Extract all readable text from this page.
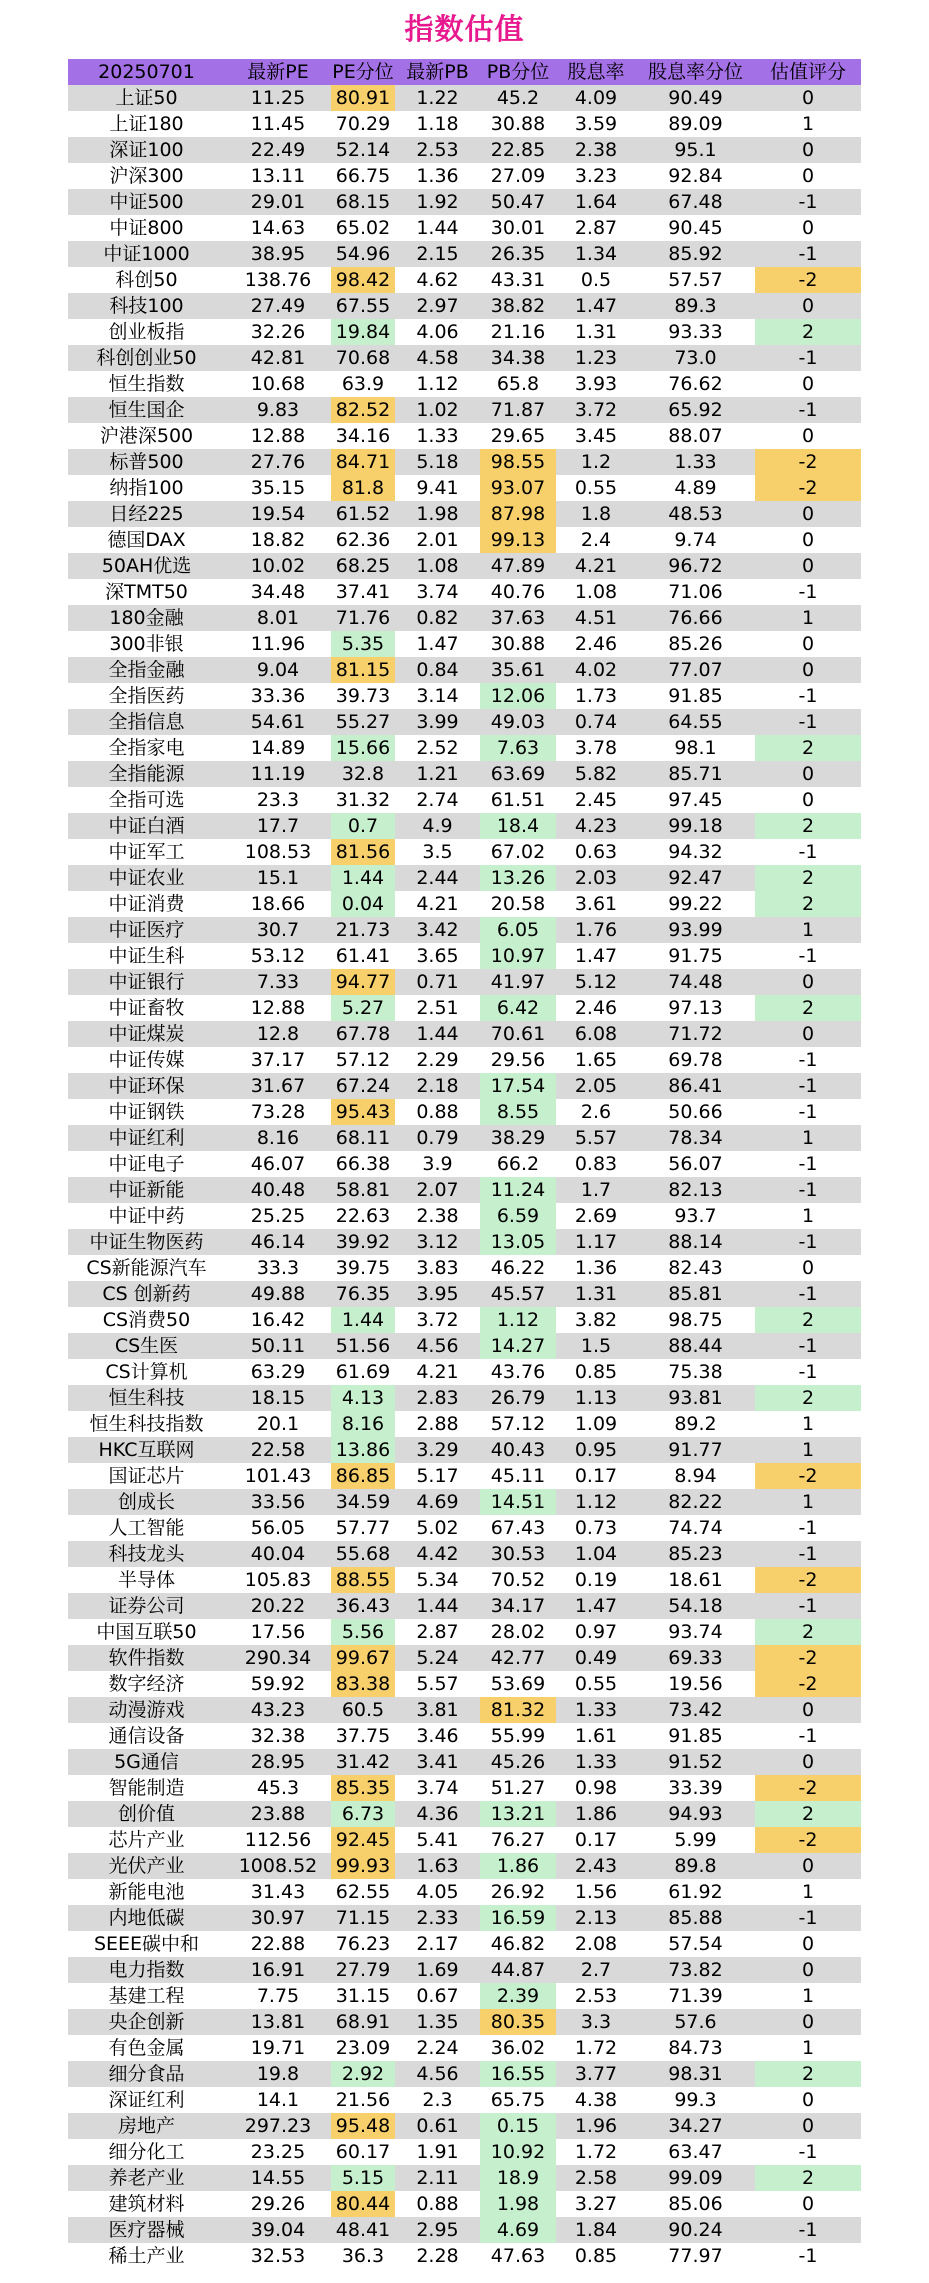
指数估值
20250701	最新PE	PE分位 最新PB PB分位 股息率	股息率分位	估值评分
上证50	11.25	80.91	1.22	45.2	4.09	90.49	0
上证180	11.45	70.29	1.18	30.88	3.59	89.09	1
深证100	22.49	52.14	2.53	22.85	2.38	95.1	0
沪深300	13.11	66.75	1.36	27.09	3.23	92.84	0
中证500	29.01	68.15	1.92	50.47	1.64	67.48	-1
中证800	14.63	65.02	1.44	30.01	2.87	90.45	0
中证1000	38.95	54.96	2.15	26.35	1.34	85.92	-1
科创50	138.76	98.42	4.62	43.31	0.5	57.57	-2
科技100	27.49	67.55	2.97	38.82	1.47	89.3	0
创业板指	32.26	19.84	4.06	21.16	1.31	93.33	2
科创创业50	42.81	70.68	4.58	34.38	1.23	73.0	-1
恒生指数	10.68	63.9	1.12	65.8	3.93	76.62	0
恒生国企	9.83	82.52	1.02	71.87	3.72	65.92	-1
沪港深500	12.88	34.16	1.33	29.65	3.45	88.07	0
标普500	27.76	84.71	5.18	98.55	1.2	1.33	-2
纳指100	35.15	81.8	9.41	93.07	0.55	4.89	-2
日经225	19.54	61.52	1.98	87.98	1.8	48.53	0
德国DAX	18.82	62.36	2.01	99.13	2.4	9.74	0
50AH优选	10.02	68.25	1.08	47.89	4.21	96.72	0
深TMT50	34.48	37.41	3.74	40.76	1.08	71.06	-1
180金融	8.01	71.76	0.82	37.63	4.51	76.66	1
300非银	11.96	5.35	1.47	30.88	2.46	85.26	0
全指金融	9.04	81.15	0.84	35.61	4.02	77.07	0
全指医药	33.36	39.73	3.14	12.06	1.73	91.85	-1
全指信息	54.61	55.27	3.99	49.03	0.74	64.55	-1
全指家电	14.89	15.66	2.52	7.63	3.78	98.1	2
全指能源	11.19	32.8	1.21	63.69	5.82	85.71	0
全指可选	23.3	31.32	2.74	61.51	2.45	97.45	0
中证白酒	17.7	0.7	4.9	18.4	4.23	99.18	2
中证军工	108.53	81.56	3.5	67.02	0.63	94.32	-1
中证农业	15.1	1.44	2.44	13.26	2.03	92.47	2
中证消费	18.66	0.04	4.21	20.58	3.61	99.22	2
中证医疗	30.7	21.73	3.42	6.05	1.76	93.99	1
中证生科	53.12	61.41	3.65	10.97	1.47	91.75	-1
中证银行	7.33	94.77	0.71	41.97	5.12	74.48	0
中证畜牧	12.88	5.27	2.51	6.42	2.46	97.13	2
中证煤炭	12.8	67.78	1.44	70.61	6.08	71.72	0
中证传媒	37.17	57.12	2.29	29.56	1.65	69.78	-1
中证环保	31.67	67.24	2.18	17.54	2.05	86.41	-1
中证钢铁	73.28	95.43	0.88	8.55	2.6	50.66	-1
中证红利	8.16	68.11	0.79	38.29	5.57	78.34	1
中证电子	46.07	66.38	3.9	66.2	0.83	56.07	-1
中证新能	40.48	58.81	2.07	11.24	1.7	82.13	-1
中证中药	25.25	22.63	2.38	6.59	2.69	93.7	1
中证生物医药	46.14	39.92	3.12	13.05	1.17	88.14	-1
CS新能源汽车	33.3	39.75	3.83	46.22	1.36	82.43	0
CS 创新药	49.88	76.35	3.95	45.57	1.31	85.81	-1
CS消费50	16.42	1.44	3.72	1.12	3.82	98.75	2
CS生医	50.11	51.56	4.56	14.27	1.5	88.44	-1
CS计算机	63.29	61.69	4.21	43.76	0.85	75.38	-1
恒生科技	18.15	4.13	2.83	26.79	1.13	93.81	2
恒生科技指数	20.1	8.16	2.88	57.12	1.09	89.2	1
HKC互联网	22.58	13.86	3.29	40.43	0.95	91.77	1
国证芯片	101.43	86.85	5.17	45.11	0.17	8.94	-2
创成长	33.56	34.59	4.69	14.51	1.12	82.22	1
人工智能	56.05	57.77	5.02	67.43	0.73	74.74	-1
科技龙头	40.04	55.68	4.42	30.53	1.04	85.23	-1
半导体	105.83	88.55	5.34	70.52	0.19	18.61	-2
证券公司	20.22	36.43	1.44	34.17	1.47	54.18	-1
中国互联50	17.56	5.56	2.87	28.02	0.97	93.74	2
软件指数	290.34	99.67	5.24	42.77	0.49	69.33	-2
数字经济	59.92	83.38	5.57	53.69	0.55	19.56	-2
动漫游戏	43.23	60.5	3.81	81.32	1.33	73.42	0
通信设备	32.38	37.75	3.46	55.99	1.61	91.85	-1
5G通信	28.95	31.42	3.41	45.26	1.33	91.52	0
智能制造	45.3	85.35	3.74	51.27	0.98	33.39	-2
创价值	23.88	6.73	4.36	13.21	1.86	94.93	2
芯片产业	112.56	92.45	5.41	76.27	0.17	5.99	-2
光伏产业	1008.52 99.93	1.63	1.86	2.43	89.8	0
新能电池	31.43	62.55	4.05	26.92	1.56	61.92	1
内地低碳	30.97	71.15	2.33	16.59	2.13	85.88	-1
SEEE碳中和	22.88	76.23	2.17	46.82	2.08	57.54	0
电力指数	16.91	27.79	1.69	44.87	2.7	73.82	0
基建工程	7.75	31.15	0.67	2.39	2.53	71.39	1
央企创新	13.81	68.91	1.35	80.35	3.3	57.6	0
有色金属	19.71	23.09	2.24	36.02	1.72	84.73	1
细分食品	19.8	2.92	4.56	16.55	3.77	98.31	2
深证红利	14.1	21.56	2.3	65.75	4.38	99.3	0
房地产	297.23	95.48	0.61	0.15	1.96	34.27	0
细分化工	23.25	60.17	1.91	10.92	1.72	63.47	-1
养老产业	14.55	5.15	2.11	18.9	2.58	99.09	2
建筑材料	29.26	80.44	0.88	1.98	3.27	85.06	0
医疗器械	39.04	48.41	2.95	4.69	1.84	90.24	-1
稀土产业	32.53	36.3	2.28	47.63	0.85	77.97	-1
